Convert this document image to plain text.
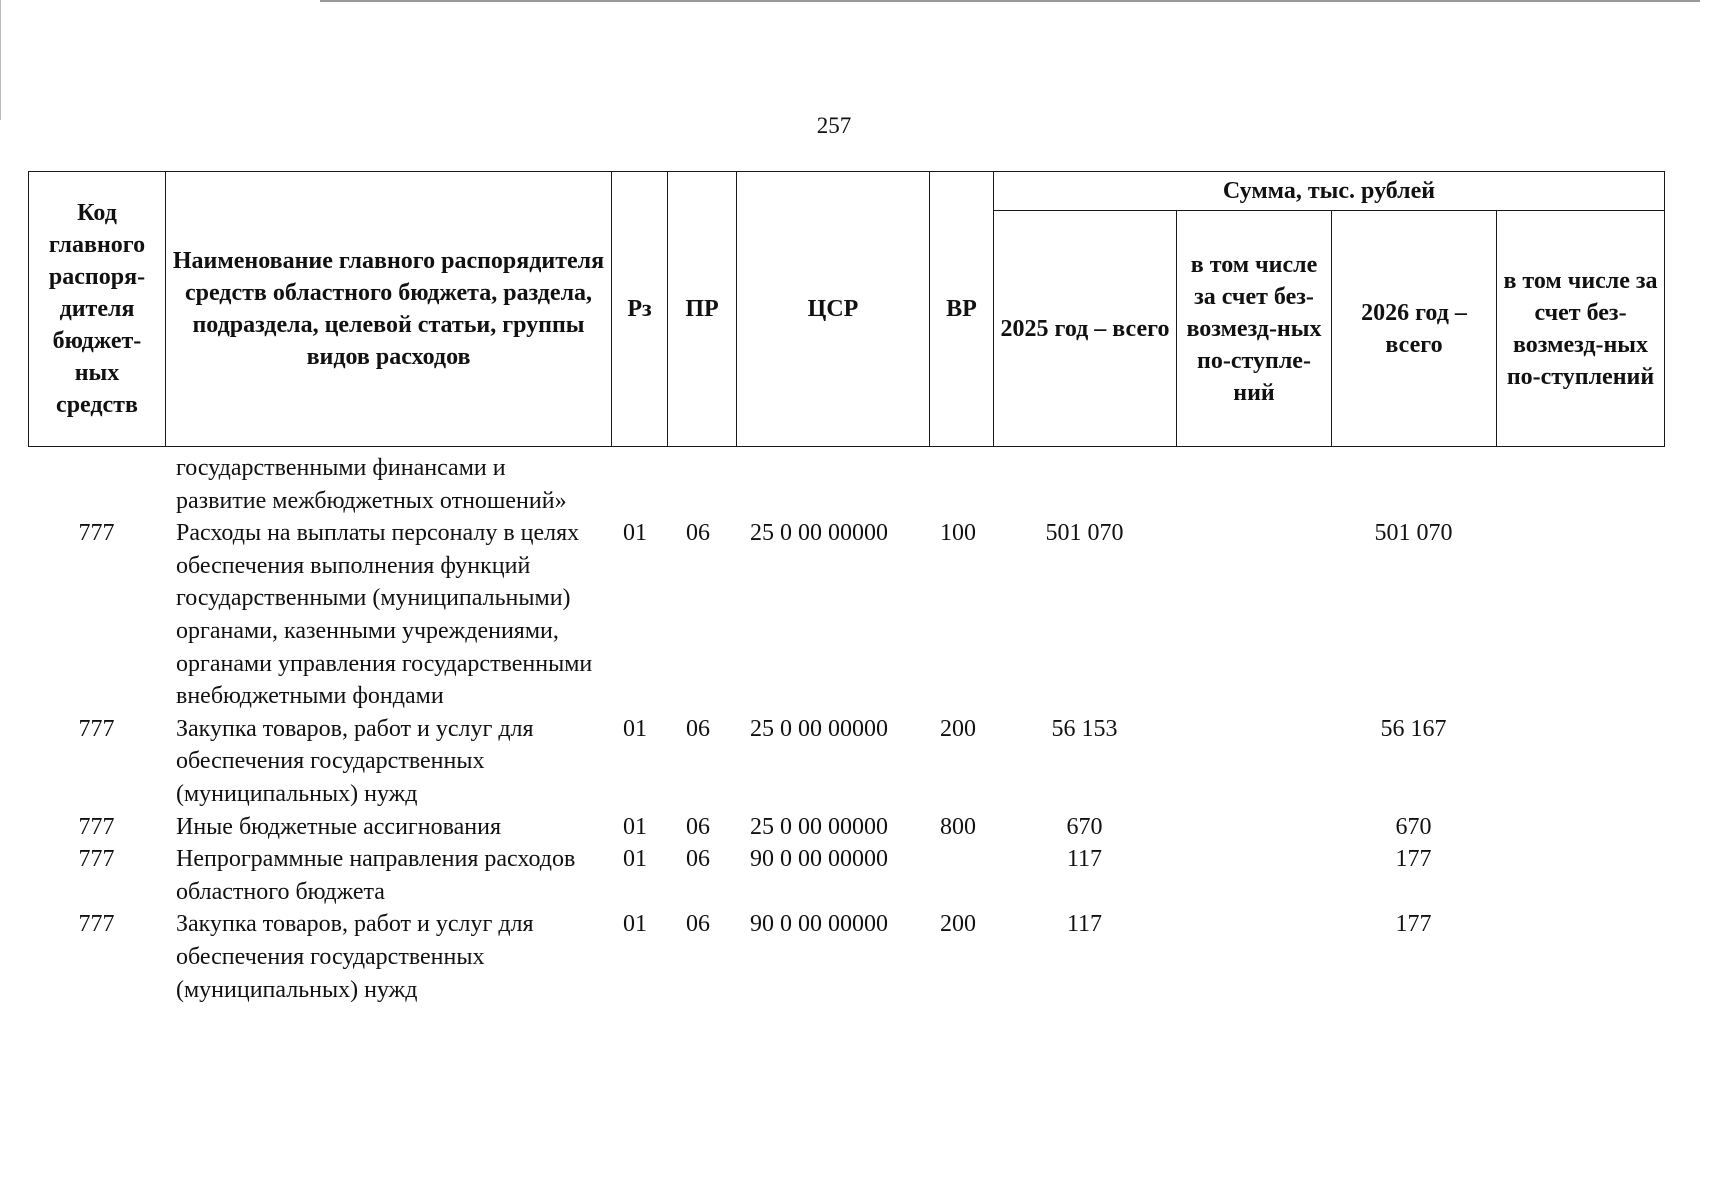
257
Код главного распоря-дителя бюджет-ных средств	Наименование главного распорядителя средств областного бюджета, раздела, подраздела, целевой статьи, группы видов расходов	Рз	ПР	ЦСР	ВР	Сумма, тыс. рублей			
						2025 год – всего	в том числе за счет без-возмезд-ных по-ступле-ний	2026 год – всего	в том числе за счет без-возмезд-ных по-ступлений

	государственными финансами и развитие межбюджетных отношений»								

777	Расходы на выплаты персоналу в целях обеспечения выполнения функций государственными (муниципальными) органами, казенными учреждениями, органами управления государственными внебюджетными фондами	01	06	25 0 00 00000	100	501 070		501 070	
777	Закупка товаров, работ и услуг для обеспечения государственных (муниципальных) нужд	01	06	25 0 00 00000	200	56 153		56 167	
777	Иные бюджетные ассигнования	01	06	25 0 00 00000	800	670		670	
777	Непрограммные направления расходов областного бюджета	01	06	90 0 00 00000		117		177	
777	Закупка товаров, работ и услуг для обеспечения государственных (муниципальных) нужд	01	06	90 0 00 00000	200	117		177	
